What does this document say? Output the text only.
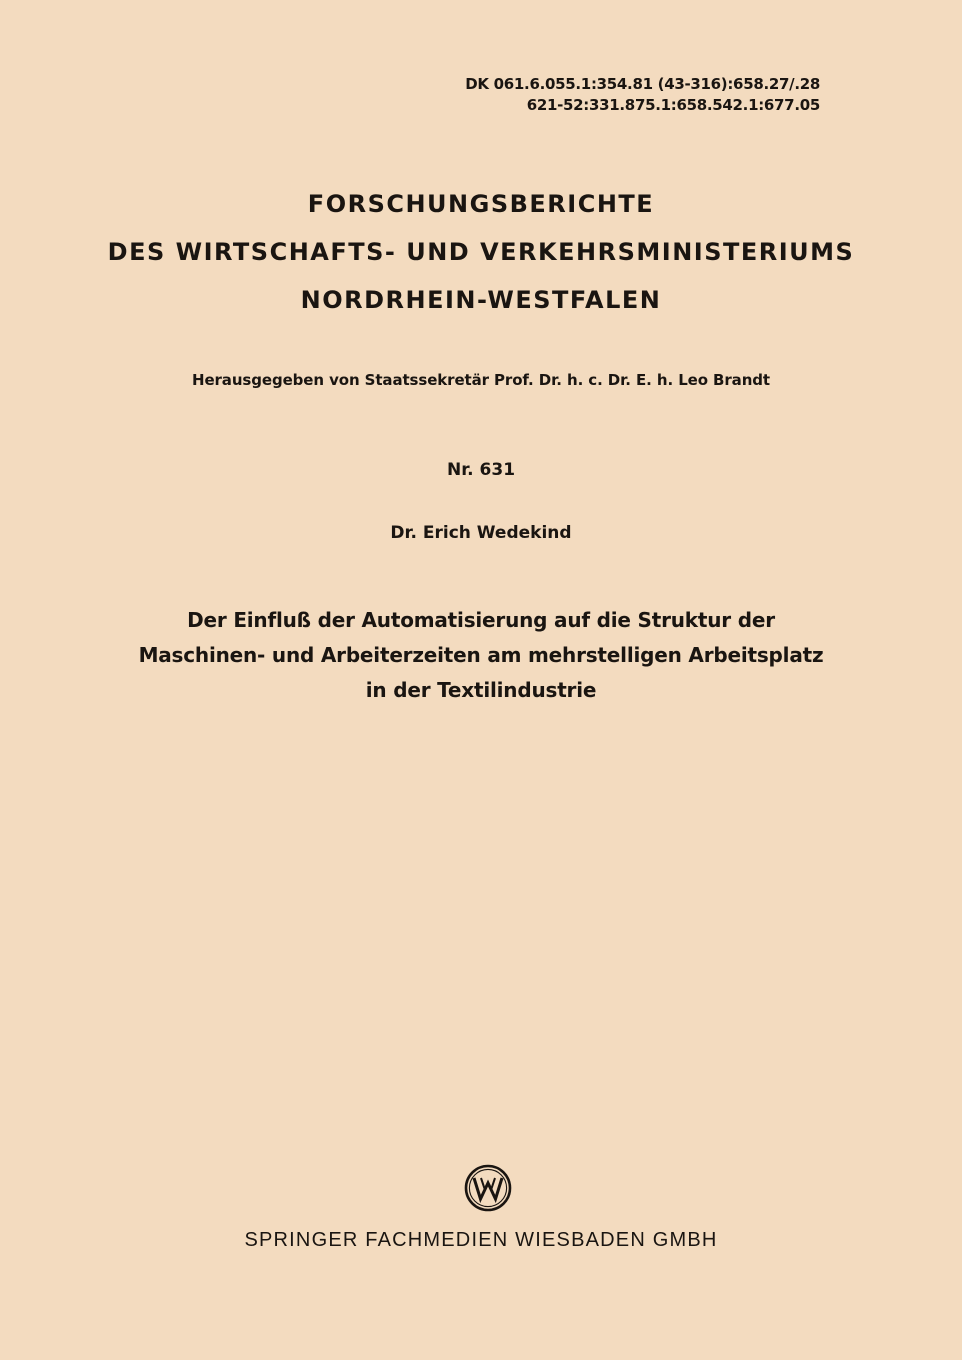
DK 061.6.055.1:354.81 (43-316):658.27/.28
621-52:331.875.1:658.542.1:677.05
FORSCHUNGSBERICHTE
DES WIRTSCHAFTS- UND VERKEHRSMINISTERIUMS
NORDRHEIN-WESTFALEN
Herausgegeben von Staatssekretär Prof. Dr. h. c. Dr. E. h. Leo Brandt
Nr. 631
Dr. Erich Wedekind
Der Einfluß der Automatisierung auf die Struktur der
Maschinen- und Arbeiterzeiten am mehrstelligen Arbeitsplatz
in der Textilindustrie
SPRINGER FACHMEDIEN WIESBADEN GMBH
